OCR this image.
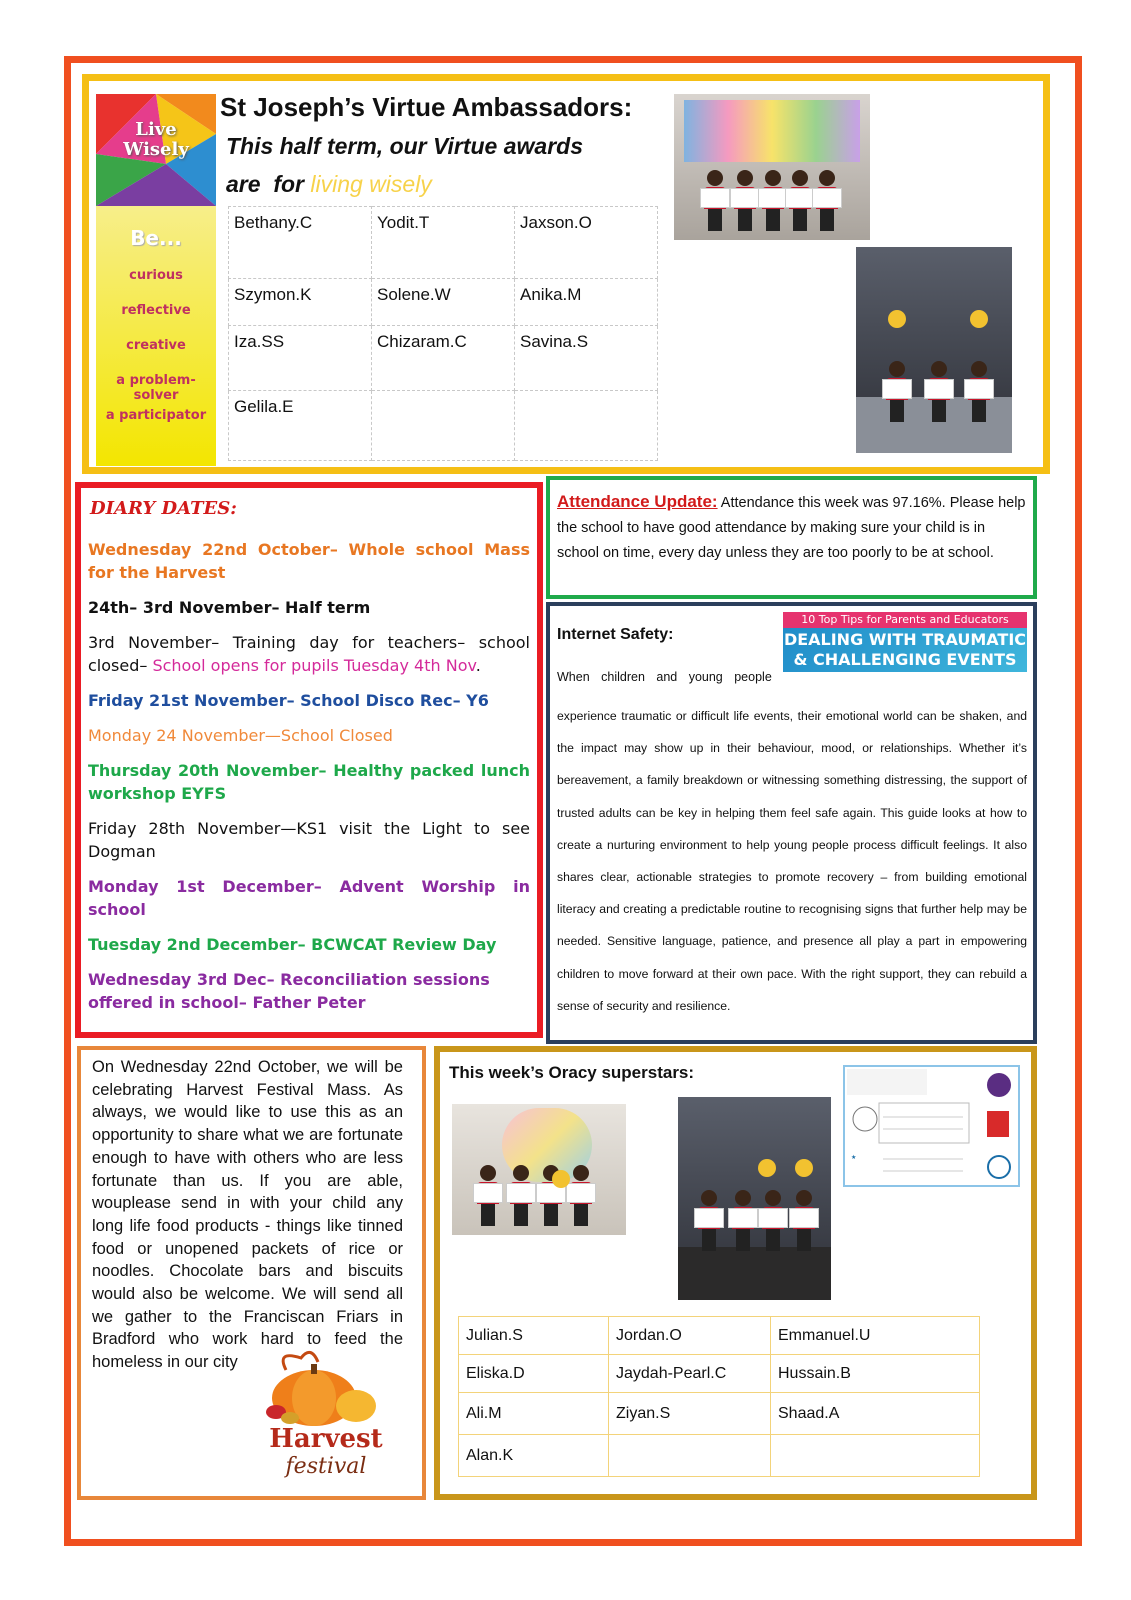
Live
Wisely
Be...
curious
reflective
creative
a problem-solver
a participator
St Joseph’s Virtue Ambassadors:
This half term, our Virtue awards
are  for living wisely
Bethany.C	Yodit.T	Jaxson.O
Szymon.K	Solene.W	Anika.M
Iza.SS	Chizaram.C	Savina.S
Gelila.E		
DIARY DATES:
Wednesday 22nd October– Whole school Mass for the Harvest
24th– 3rd November– Half term
3rd November– Training day for teachers– school closed– School opens for pupils Tuesday 4th Nov.
Friday 21st November– School Disco Rec– Y6
Monday 24 November—School Closed
Thursday 20th November– Healthy packed lunch workshop EYFS
Friday 28th November—KS1 visit the Light to see Dogman
Monday 1st December– Advent Worship in school
Tuesday 2nd December– BCWCAT Review Day
Wednesday 3rd Dec– Reconciliation sessions offered in school– Father Peter
Attendance Update: Attendance this week was 97.16%. Please help the school to have good attendance by making sure your child is in school on time, every day unless they are too poorly to be at school.
Internet Safety:
10 Top Tips for Parents and Educators
DEALING WITH TRAUMATIC & CHALLENGING EVENTS
When children and young people
experience traumatic or difficult life events, their emotional world can be shaken, and the impact may show up in their behaviour, mood, or relationships. Whether it’s bereavement, a family breakdown or witnessing something distressing, the support of trusted adults can be key in helping them feel safe again. This guide looks at how to create a nurturing environment to help young people process difficult feelings. It also shares clear, actionable strategies to promote recovery – from building emotional literacy and creating a predictable routine to recognising signs that further help may be needed. Sensitive language, patience, and presence all play a part in empowering children to move forward at their own pace. With the right support, they can rebuild a sense of security and resilience.
On Wednesday 22nd October, we will be celebrating Harvest Festival Mass. As always, we would like to use this as an opportunity to share what we are fortunate enough to have with others who are less fortunate than us. If you are able, wouplease send in with your child any long life food products - things like tinned food or unopened packets of rice or noodles. Chocolate bars and biscuits would also be welcome. We will send all we gather to the Franciscan Friars in Bradford who work hard to feed the homeless in our city
Harvest
festival
This week’s Oracy superstars:
★
Julian.S	Jordan.O	Emmanuel.U
Eliska.D	Jaydah-Pearl.C	Hussain.B
Ali.M	Ziyan.S	Shaad.A
Alan.K		
